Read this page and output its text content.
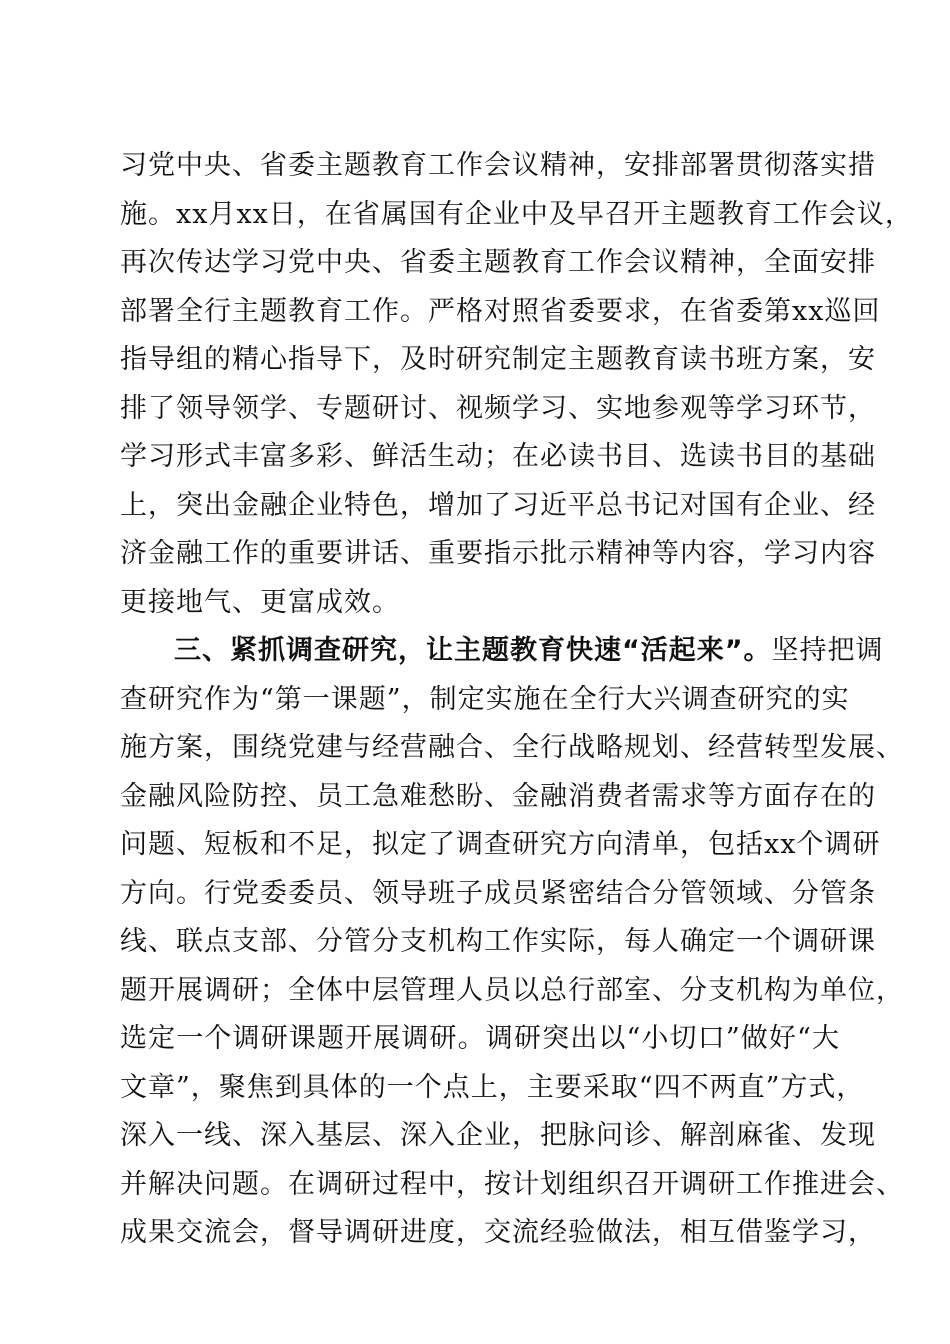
习党中央、省委主题教育工作会议精神，安排部署贯彻落实措
施。xx月xx日，在省属国有企业中及早召开主题教育工作会议，
再次传达学习党中央、省委主题教育工作会议精神，全面安排
部署全行主题教育工作。严格对照省委要求，在省委第xx巡回
指导组的精心指导下，及时研究制定主题教育读书班方案，安
排了领导领学、专题研讨、视频学习、实地参观等学习环节，
学习形式丰富多彩、鲜活生动；在必读书目、选读书目的基础
上，突出金融企业特色，增加了习近平总书记对国有企业、经
济金融工作的重要讲话、重要指示批示精神等内容，学习内容
更接地气、更富成效。
三、紧抓调查研究，让主题教育快速“活起来”。坚持把调
查研究作为“第一课题”，制定实施在全行大兴调查研究的实
施方案，围绕党建与经营融合、全行战略规划、经营转型发展、
金融风险防控、员工急难愁盼、金融消费者需求等方面存在的
问题、短板和不足，拟定了调查研究方向清单，包括xx个调研
方向。行党委委员、领导班子成员紧密结合分管领域、分管条
线、联点支部、分管分支机构工作实际，每人确定一个调研课
题开展调研；全体中层管理人员以总行部室、分支机构为单位，
选定一个调研课题开展调研。调研突出以“小切口”做好“大
文章”，聚焦到具体的一个点上，主要采取“四不两直”方式，
深入一线、深入基层、深入企业，把脉问诊、解剖麻雀、发现
并解决问题。在调研过程中，按计划组织召开调研工作推进会、
成果交流会，督导调研进度，交流经验做法，相互借鉴学习，
